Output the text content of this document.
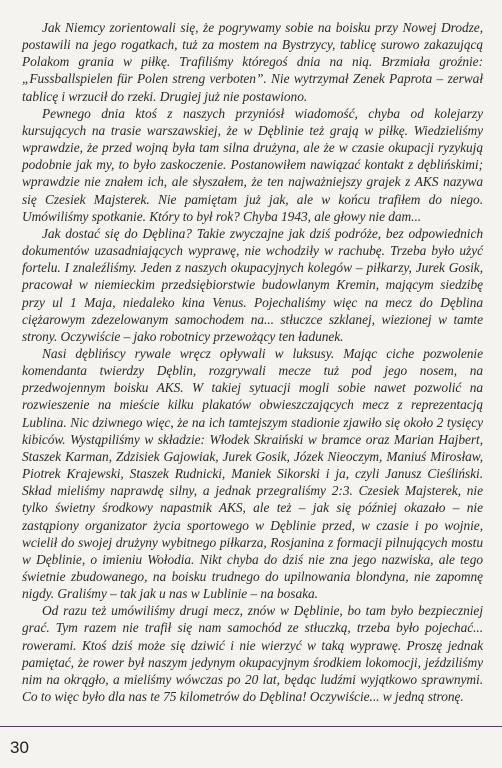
Jak Niemcy zorientowali się, że pogrywamy sobie na boisku przy Nowej Drodze, postawili na jego rogatkach, tuż za mostem na Bystrzycy, tablicę surowo zakazującą Polakom grania w piłkę. Trafiliśmy któregoś dnia na nią. Brzmiała groźnie: „Fussballspielen für Polen streng verboten”. Nie wytrzymał Zenek Paprota – zerwał tablicę i wrzucił do rzeki. Drugiej już nie postawiono.

Pewnego dnia ktoś z naszych przyniósł wiadomość, chyba od kolejarzy kursujących na trasie warszawskiej, że w Dęblinie też grają w piłkę. Wiedzieliśmy wprawdzie, że przed wojną była tam silna drużyna, ale że w czasie okupacji ryzykują podobnie jak my, to było zaskoczenie. Postanowiłem nawiązać kontakt z dęblińskimi; wprawdzie nie znałem ich, ale słyszałem, że ten najważniejszy grajek z AKS nazywa się Czesiek Majsterek. Nie pamiętam już jak, ale w końcu trafiłem do niego. Umówiliśmy spotkanie. Który to był rok? Chyba 1943, ale głowy nie dam...

Jak dostać się do Dęblina? Takie zwyczajne jak dziś podróże, bez odpowiednich dokumentów uzasadniających wyprawę, nie wchodziły w rachubę. Trzeba było użyć fortelu. I znaleźliśmy. Jeden z naszych okupacyjnych kolegów – piłkarzy, Jurek Gosik, pracował w niemieckim przedsiębiorstwie budowlanym Kremin, mającym siedzibę przy ul 1 Maja, niedaleko kina Venus. Pojechaliśmy więc na mecz do Dęblina ciężarowym zdezelowanym samochodem na... stłuczce szklanej, wiezionej w tamte strony. Oczywiście – jako robotnicy przewożący ten ładunek.

Nasi dęblińscy rywale wręcz opływali w luksusy. Mając ciche pozwolenie komendanta twierdzy Dęblin, rozgrywali mecze tuż pod jego nosem, na przedwojennym boisku AKS. W takiej sytuacji mogli sobie nawet pozwolić na rozwieszenie na mieście kilku plakatów obwieszczających mecz z reprezentacją Lublina. Nic dziwnego więc, że na ich tamtejszym stadionie zjawiło się około 2 tysięcy kibiców. Wystąpiliśmy w składzie: Włodek Skraiński w bramce oraz Marian Hajbert, Staszek Karman, Zdzisiek Gajowiak, Jurek Gosik, Józek Nieoczym, Maniuś Mirosław, Piotrek Krajewski, Staszek Rudnicki, Maniek Sikorski i ja, czyli Janusz Cieśliński. Skład mieliśmy naprawdę silny, a jednak przegraliśmy 2:3. Czesiek Majsterek, nie tylko świetny środkowy napastnik AKS, ale też – jak się później okazało – nie zastąpiony organizator życia sportowego w Dęblinie przed, w czasie i po wojnie, wcielił do swojej drużyny wybitnego piłkarza, Rosjanina z formacji pilnujących mostu w Dęblinie, o imieniu Wołodia. Nikt chyba do dziś nie zna jego nazwiska, ale tego świetnie zbudowanego, na boisku trudnego do upilnowania blondyna, nie zapomnę nigdy. Graliśmy – tak jak u nas w Lublinie – na bosaka.

Od razu też umówiliśmy drugi mecz, znów w Dęblinie, bo tam było bezpieczniej grać. Tym razem nie trafił się nam samochód ze stłuczką, trzeba było pojechać... rowerami. Ktoś dziś może się dziwić i nie wierzyć w taką wyprawę. Proszę jednak pamiętać, że rower był naszym jedynym okupacyjnym środkiem lokomocji, jeździliśmy nim na okrągło, a mieliśmy wówczas po 20 lat, będąc ludźmi wyjątkowo sprawnymi. Co to więc było dla nas te 75 kilometrów do Dęblina! Oczywiście... w jedną stronę.

30
